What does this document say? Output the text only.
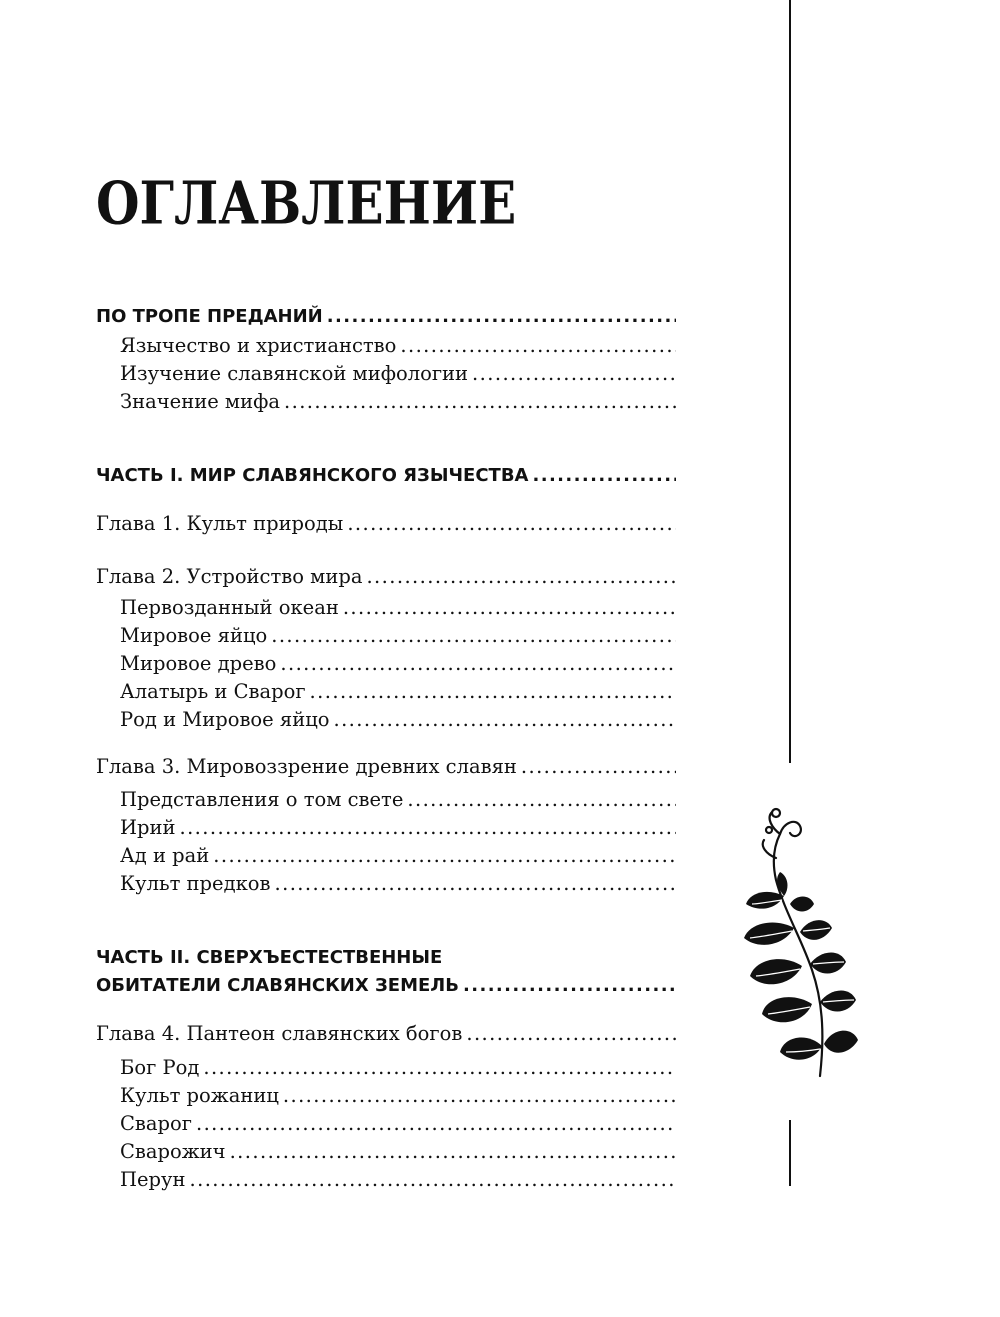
ОГЛАВЛЕНИЕ
ПО ТРОПЕ ПРЕДАНИЙ
.....
Язычество и христианство
.....
Изучение славянской мифологии
.....
Значение мифа
.....
ЧАСТЬ I. МИР СЛАВЯНСКОГО ЯЗЫЧЕСТВА
.....
Глава 1. Культ природы
.....
Глава 2. Устройство мира
.....
Первозданный океан
.....
Мировое яйцо
.....
Мировое древо
.....
Алатырь и Сварог
.....
Род и Мировое яйцо
.....
Глава 3. Мировоззрение древних славян
.....
Представления о том свете
.....
Ирий
.....
Ад и рай
.....
Культ предков
.....
ЧАСТЬ II. СВЕРХЪЕСТЕСТВЕННЫЕ
ОБИТАТЕЛИ СЛАВЯНСКИХ ЗЕМЕЛЬ
.....
Глава 4. Пантеон славянских богов
.....
Бог Род
.....
Культ рожаниц
.....
Сварог
.....
Сварожич
.....
Перун
.....
